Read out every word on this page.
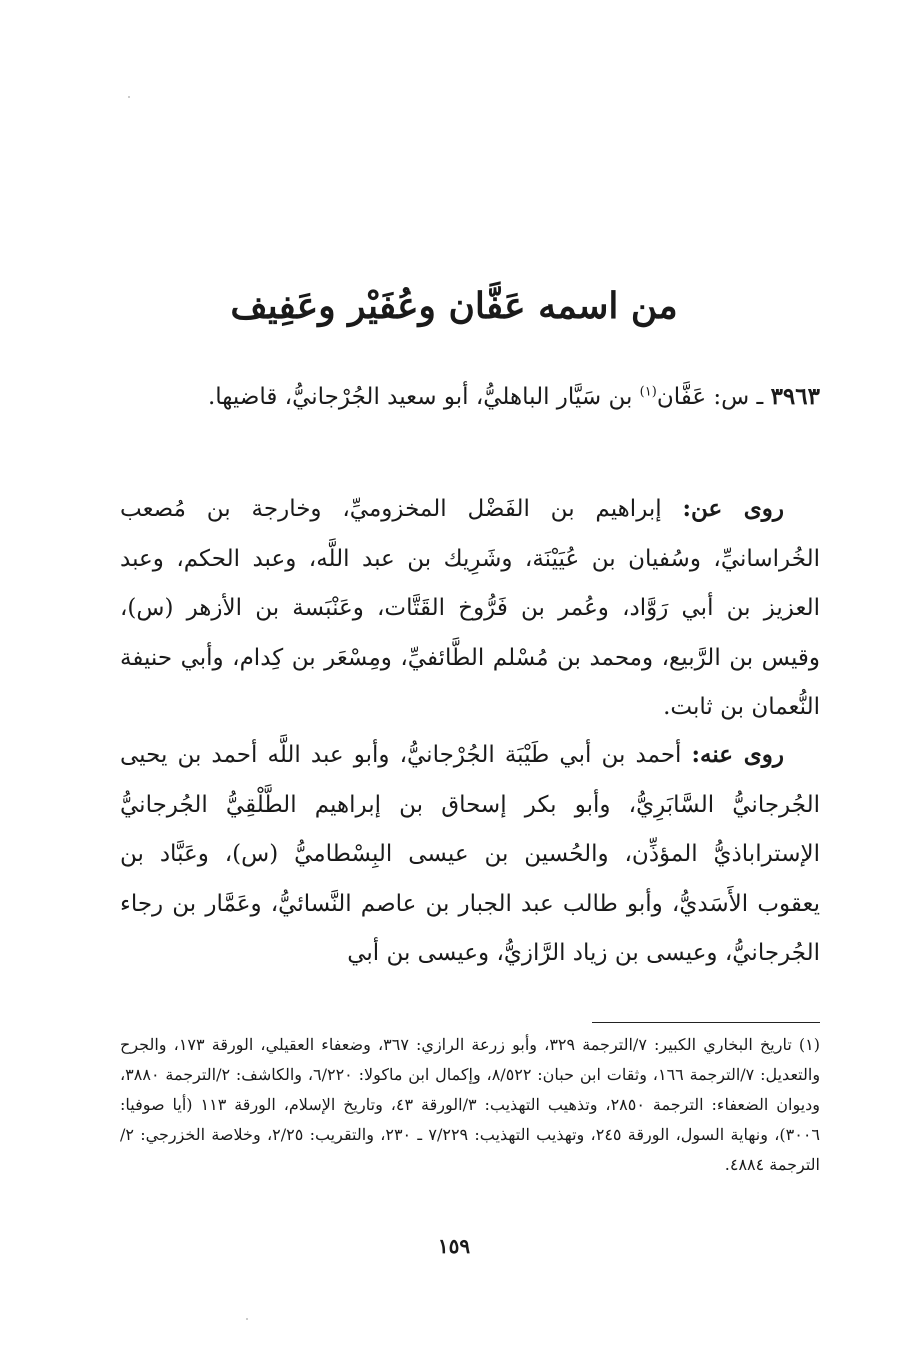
من اسمه عَفَّان وعُفَيْر وعَفِيف
٣٩٦٣ ـ س: عَفَّان$^{(١)}$ بن سَيَّار الباهليُّ، أبو سعيد الجُرْجانيُّ، قاضيها.
روى عن: إبراهيم بن الفَضْل المخزوميِّ، وخارجة بن مُصعب الخُراسانيِّ، وسُفيان بن عُيَيْنَة، وشَرِيك بن عبد اللَّه، وعبد الحكم، وعبد العزيز بن أبي رَوَّاد، وعُمر بن فَرُّوخ القَتَّات، وعَنْبَسة بن الأزهر (س)، وقيس بن الرَّبيع، ومحمد بن مُسْلم الطَّائفيِّ، ومِسْعَر بن كِدام، وأبي حنيفة النُّعمان بن ثابت.
روى عنه: أحمد بن أبي طَيْبَة الجُرْجانيُّ، وأبو عبد اللَّه أحمد بن يحيى الجُرجانيُّ السَّابَرِيُّ، وأبو بكر إسحاق بن إبراهيم الطَّلْقِيُّ الجُرجانيُّ الإستراباذيُّ المؤذِّن، والحُسين بن عيسى البِسْطاميُّ (س)، وعَبَّاد بن يعقوب الأَسَديُّ، وأبو طالب عبد الجبار بن عاصم النَّسائيُّ، وعَمَّار بن رجاء الجُرجانيُّ، وعيسى بن زياد الرَّازيُّ، وعيسى بن أبي
(١) تاريخ البخاري الكبير: ٧/الترجمة ٣٢٩، وأبو زرعة الرازي: ٣٦٧، وضعفاء العقيلي، الورقة ١٧٣، والجرح والتعديل: ٧/الترجمة ١٦٦، وثقات ابن حبان: ٨/٥٢٢، وإكمال ابن ماكولا: ٦/٢٢٠، والكاشف: ٢/الترجمة ٣٨٨٠، وديوان الضعفاء: الترجمة ٢٨٥٠، وتذهيب التهذيب: ٣/الورقة ٤٣، وتاريخ الإسلام، الورقة ١١٣ (أيا صوفيا: ٣٠٠٦)، ونهاية السول، الورقة ٢٤٥، وتهذيب التهذيب: ٧/٢٢٩ ـ ٢٣٠، والتقريب: ٢/٢٥، وخلاصة الخزرجي: ٢/الترجمة ٤٨٨٤.
١٥٩
